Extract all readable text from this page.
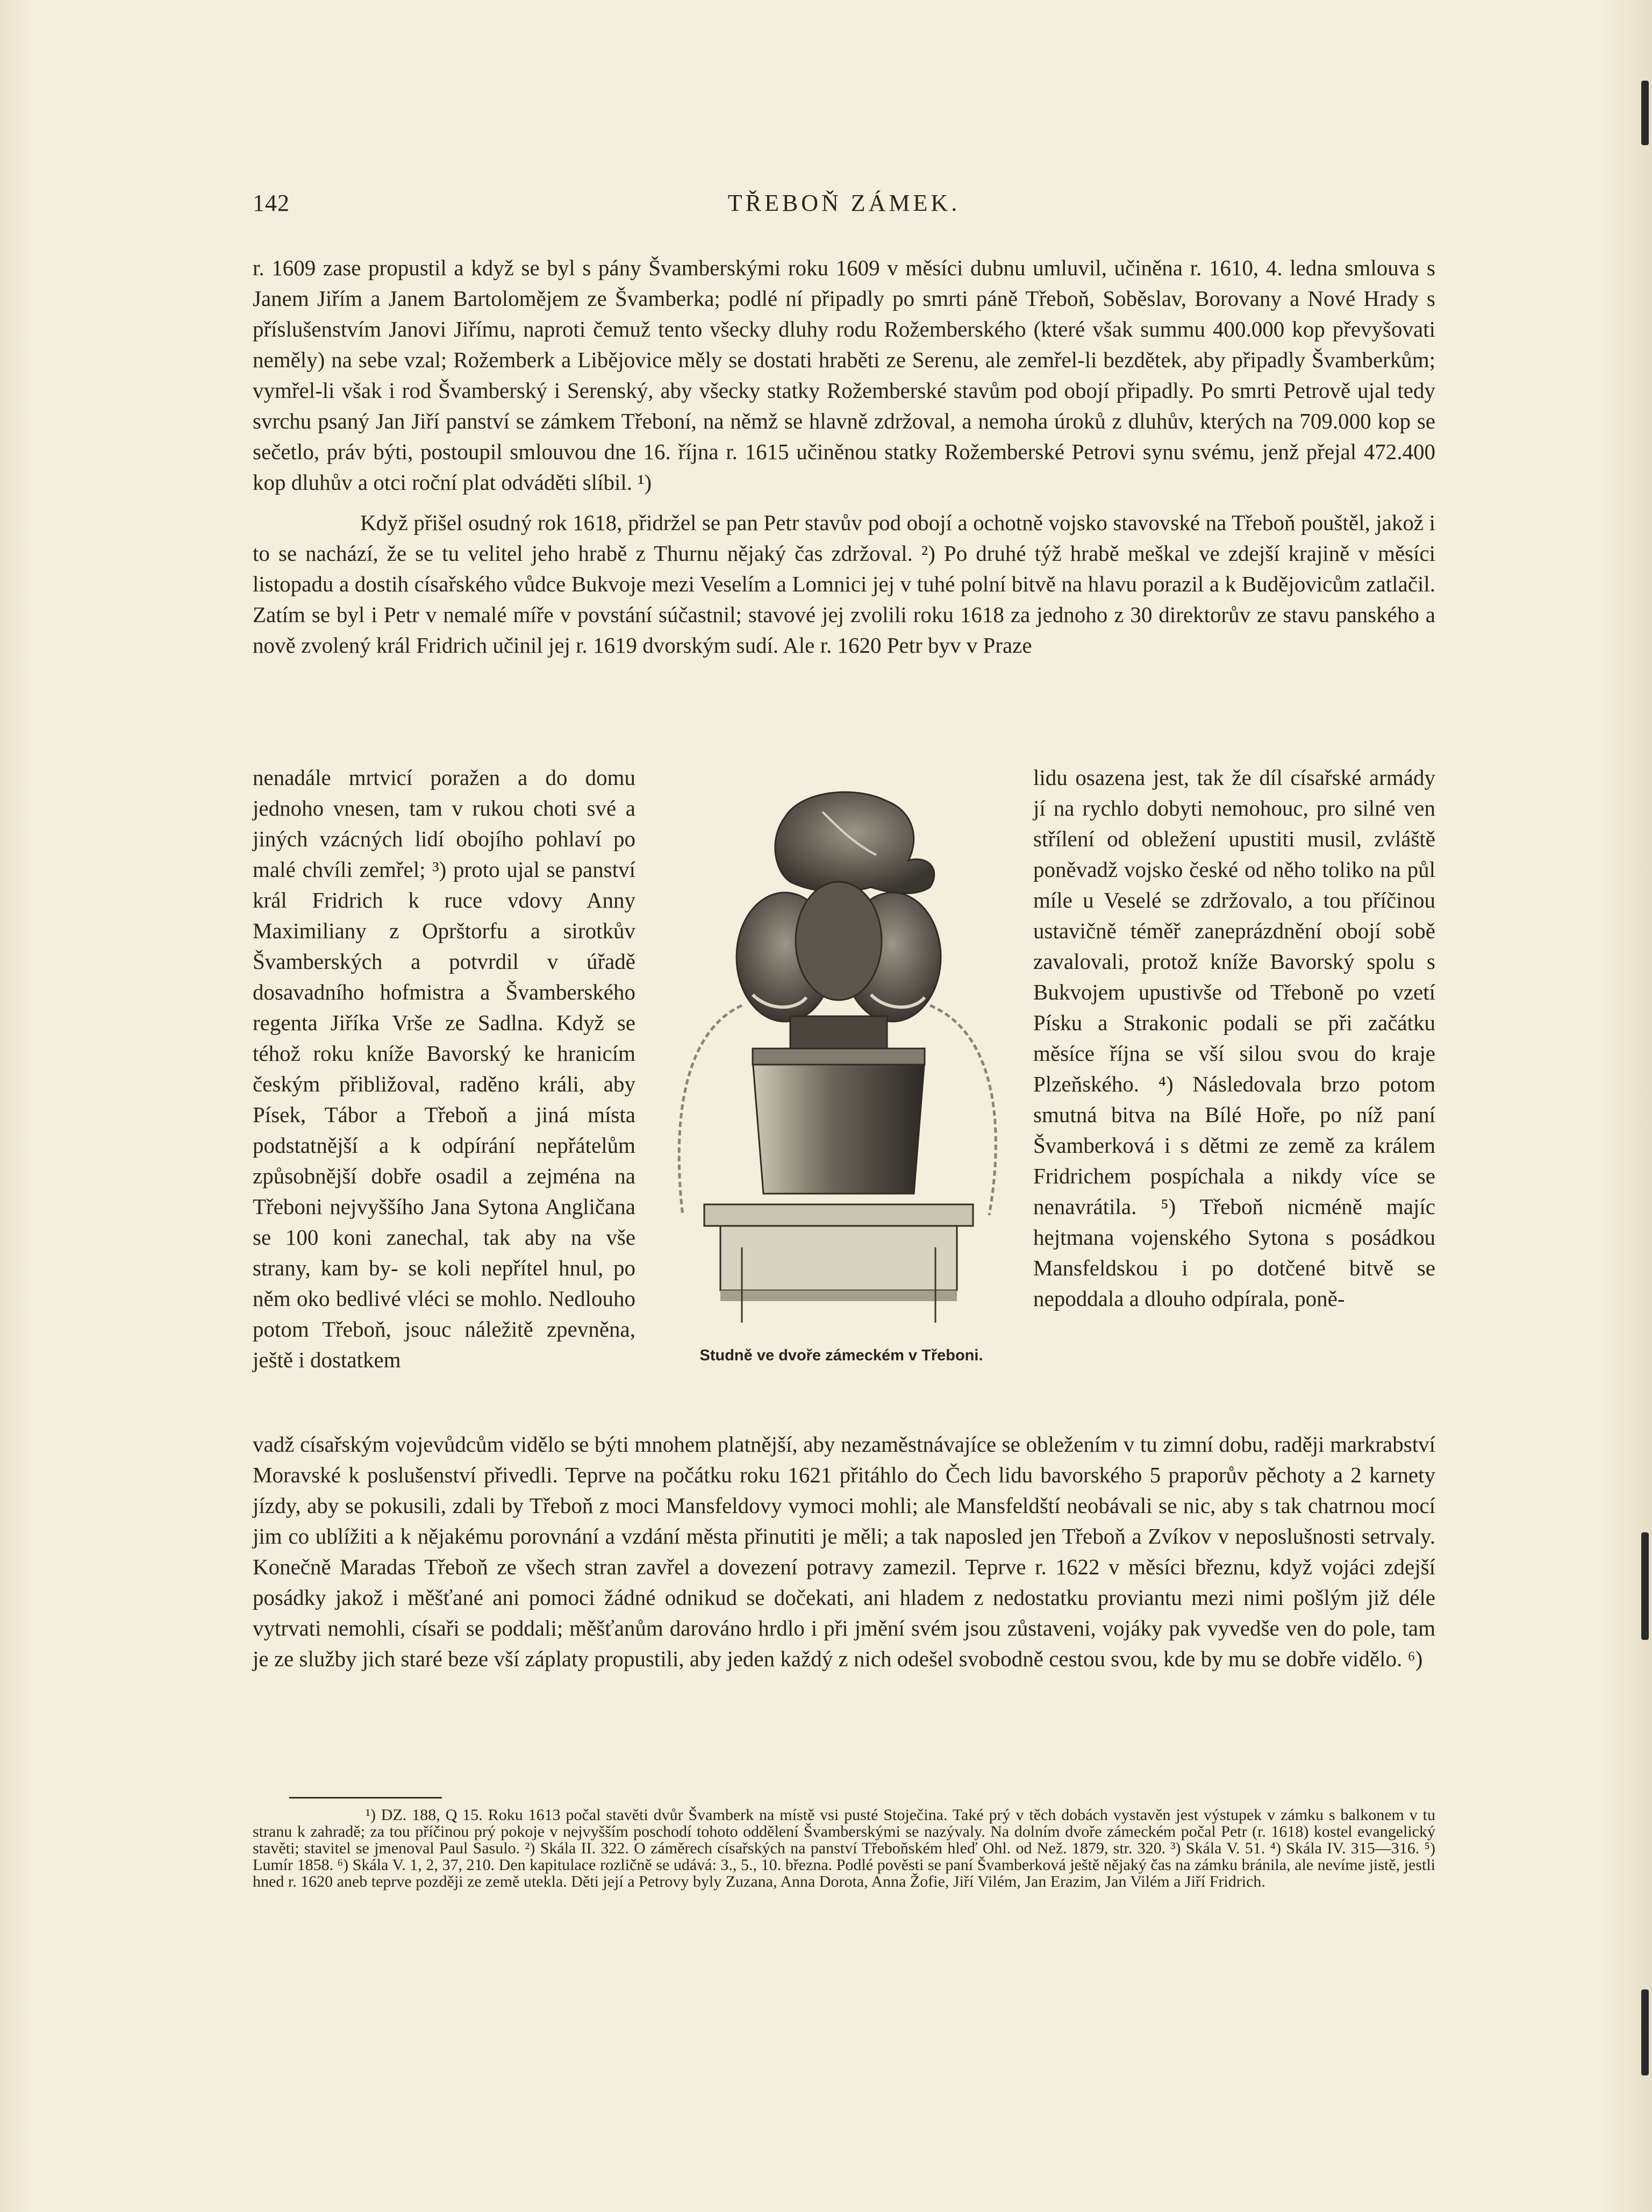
142	TŘEBOŇ ZÁMEK.

r. 1609 zase propustil a když se byl s pány Švamberskými roku 1609 v měsíci dubnu umluvil, učiněna r. 1610, 4. ledna smlouva s Janem Jiřím a Janem Bartolomějem ze Švamberka; podlé ní připadly po smrti páně Třeboň, Soběslav, Borovany a Nové Hrady s příslušenstvím Janovi Jiřímu, naproti čemuž tento všecky dluhy rodu Rožemberského (které však summu 400.000 kop převyšovati neměly) na sebe vzal; Rožemberk a Libějovice měly se dostati hraběti ze Serenu, ale zemřel-li bezdětek, aby připadly Švamberkům; vymřel-li však i rod Švamberský i Serenský, aby všecky statky Rožemberské stavům pod obojí připadly. Po smrti Petrově ujal tedy svrchu psaný Jan Jiří panství se zámkem Třeboní, na němž se hlavně zdržoval, a nemoha úroků z dluhův, kterých na 709.000 kop se sečetlo, práv býti, postoupil smlouvou dne 16. října r. 1615 učiněnou statky Rožemberské Petrovi synu svému, jenž přejal 472.400 kop dluhův a otci roční plat odváděti slíbil. ¹)

Když přišel osudný rok 1618, přidržel se pan Petr stavův pod obojí a ochotně vojsko stavovské na Třeboň pouštěl, jakož i to se nachází, že se tu velitel jeho hrabě z Thurnu nějaký čas zdržoval. ²) Po druhé týž hrabě meškal ve zdejší krajině v měsíci listopadu a dostih císařského vůdce Bukvoje mezi Veselím a Lomnici jej v tuhé polní bitvě na hlavu porazil a k Budějovicům zatlačil. Zatím se byl i Petr v nemalé míře v povstání súčastnil; stavové jej zvolili roku 1618 za jednoho z 30 direktorův ze stavu panského a nově zvolený král Fridrich učinil jej r. 1619 dvorským sudí. Ale r. 1620 Petr byv v Praze

nenadále mrtvicí poražen a do domu jednoho vnesen, tam v rukou choti své a jiných vzácných lidí obojího pohlaví po malé chvíli zemřel; ³) proto ujal se panství král Fridrich k ruce vdovy Anny Maximiliany z Oprštorfu a sirotkův Švamberských a potvrdil v úřadě dosavadního hofmistra a Švamberského regenta Jiříka Vrše ze Sadlna. Když se téhož roku kníže Bavorský ke hranicím českým přibližoval, raděno králi, aby Písek, Tábor a Třeboň a jiná místa podstatnější a k odpírání nepřátelům způsobnější dobře osadil a zejména na Třeboni nejvyššího Jana Sytona Angličana se 100 koni zanechal, tak aby na vše strany, kam by- se koli nepřítel hnul, po něm oko bedlivé vléci se mohlo. Nedlouho potom Třeboň, jsouc náležitě zpevněna, ještě i dostatkem	Studně ve dvoře zámeckém v Třeboni.
lidu osazena jest, tak že díl císařské armády jí na rychlo dobyti nemohouc, pro silné ven střílení od obležení upustiti musil, zvláště poněvadž vojsko české od něho toliko na půl míle u Veselé se zdržovalo, a tou příčinou ustavičně téměř zaneprázdnění obojí sobě zavalovali, protož kníže Bavorský spolu s Bukvojem upustivše od Třeboně po vzetí Písku a Strakonic podali se při začátku měsíce října se vší silou svou do kraje Plzeňského. ⁴) Následovala brzo potom smutná bitva na Bílé Hoře, po níž paní Švamberková i s dětmi ze země za králem Fridrichem pospíchala a nikdy více se nenavrátila. ⁵) Třeboň nicméně majíc hejtmana vojenského Sytona s posádkou Mansfeldskou i po dotčené bitvě se nepoddala a dlouho odpírala, poně-

vadž císařským vojevůdcům vidělo se býti mnohem platnější, aby nezaměstnávajíce se obležením v tu zimní dobu, raději markrabství Moravské k poslušenství přivedli. Teprve na počátku roku 1621 přitáhlo do Čech lidu bavorského 5 praporův pěchoty a 2 karnety jízdy, aby se pokusili, zdali by Třeboň z moci Mansfeldovy vymoci mohli; ale Mansfeldští neobávali se nic, aby s tak chatrnou mocí jim co ublížiti a k nějakému porovnání a vzdání města přinutiti je měli; a tak naposled jen Třeboň a Zvíkov v neposlušnosti setrvaly. Konečně Maradas Třeboň ze všech stran zavřel a dovezení potravy zamezil. Teprve r. 1622 v měsíci březnu, když vojáci zdejší posádky jakož i měšťané ani pomoci žádné odnikud se dočekati, ani hladem z nedostatku proviantu mezi nimi pošlým již déle vytrvati nemohli, císaři se poddali; měšťanům darováno hrdlo i při jmění svém jsou zůstaveni, vojáky pak vyvedše ven do pole, tam je ze služby jich staré beze vší záplaty propustili, aby jeden každý z nich odešel svobodně cestou svou, kde by mu se dobře vidělo. ⁶)

¹) DZ. 188, Q 15. Roku 1613 počal stavěti dvůr Švamberk na místě vsi pusté Stoječina. Také prý v těch dobách vystavěn jest výstupek v zámku s balkonem v tu stranu k zahradě; za tou příčinou prý pokoje v nejvyšším poschodí tohoto oddělení Švamberskými se nazývaly. Na dolním dvoře zámeckém počal Petr (r. 1618) kostel evangelický stavěti; stavitel se jmenoval Paul Sasulo. ²) Skála II. 322. O záměrech císařských na panství Třeboňském hleď Ohl. od Než. 1879, str. 320. ³) Skála V. 51. ⁴) Skála IV. 315—316. ⁵) Lumír 1858. ⁶) Skála V. 1, 2, 37, 210. Den kapitulace rozličně se udává: 3., 5., 10. března. Podlé pověsti se paní Švamberková ještě nějaký čas na zámku bránila, ale nevíme jistě, jestli hned r. 1620 aneb teprve později ze země utekla. Děti její a Petrovy byly Zuzana, Anna Dorota, Anna Žofie, Jiří Vilém, Jan Erazim, Jan Vilém a Jiří Fridrich.
